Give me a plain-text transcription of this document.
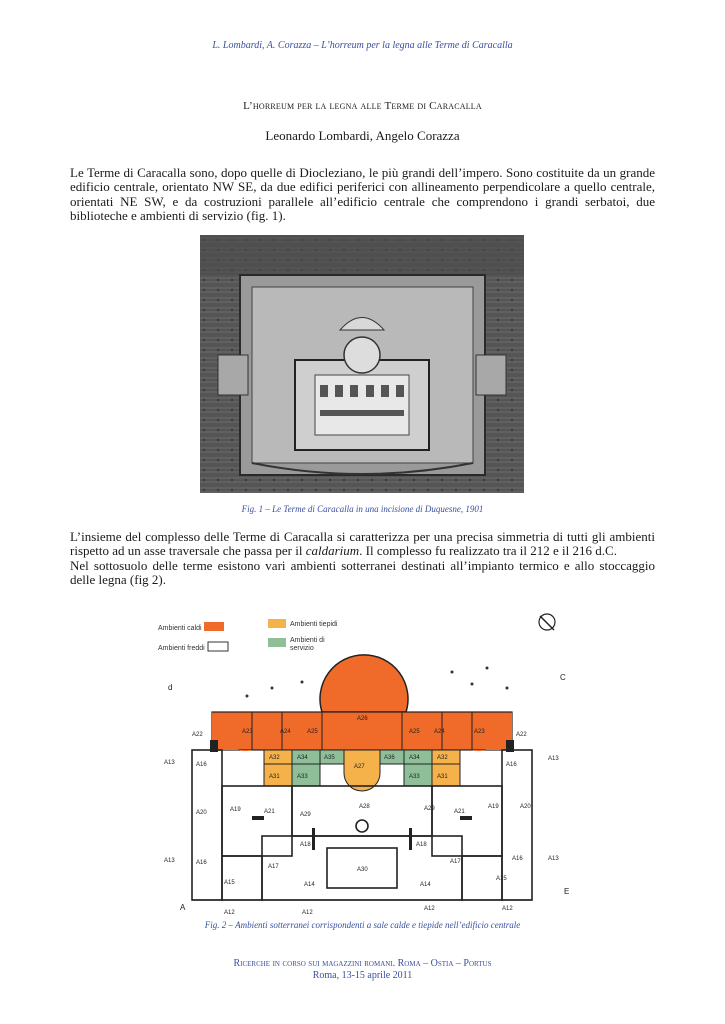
L. Lombardi, A. Corazza – L’horreum per la legna alle Terme di Caracalla
L’horreum per la legna alle Terme di Caracalla
Leonardo Lombardi, Angelo Corazza

Le Terme di Caracalla sono, dopo quelle di Diocleziano, le più grandi dell’impero. Sono costituite da un grande edificio centrale, orientato NW SE, da due edifici periferici con allineamento perpendicolare a quello centrale, orientati NE SW, e da costruzioni parallele all’edificio centrale che comprendono i grandi serbatoi, due biblioteche e ambienti di servizio (fig. 1).

Fig. 1 – Le Terme di Caracalla in una incisione di Duquesne, 1901

L’insieme del complesso delle Terme di Caracalla si caratterizza per una precisa simmetria di tutti gli ambienti rispetto ad un asse traversale che passa per il caldarium. Il complesso fu realizzato tra il 212 e il 216 d.C.

Nel sottosuolo delle terme esistono vari ambienti sotterranei destinati all’impianto termico e allo stoccaggio delle legna (fig 2).

Ambienti caldi
Ambienti freddi
Ambienti tiepidi
Ambienti di
servizio
d
C
A
E
A23	A24	A25
A26
A25 A24	A23
A22	A22
A32	A34	A35	A36 A34	A32
A31	A33
A27
A33	A31
A13	A16	A16
A13
A20
A20
A19	A19
A21	A21
A29
A29
A28
A18	A18
A13	A16
A16	A13
A17
A17
A15
A15
A14	A14
A30
A12	A12
A12	A12
Fig. 2 – Ambienti sotterranei corrispondenti a sale calde e tiepide nell’edificio centrale
Ricerche in corso sui magazzini romani. Roma – Ostia – Portus
Roma, 13-15 aprile 2011
